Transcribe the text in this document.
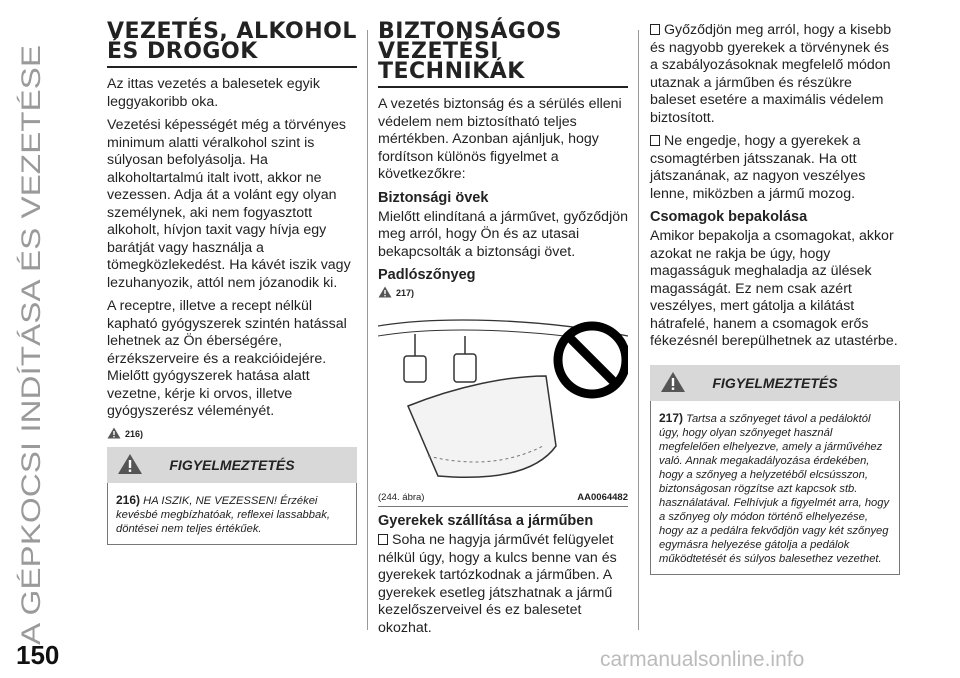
A GÉPKOCSI INDÍTÁSA ÉS VEZETÉSE
150	carmanualsonline.info
VEZETÉS, ALKOHOL
ÉS DROGOK

Az ittas vezetés a balesetek egyik leggyakoribb oka.

Vezetési képességét még a törvényes minimum alatti véralkohol szint is súlyosan befolyásolja. Ha alkoholtartalmú italt ivott, akkor ne vezessen. Adja át a volánt egy olyan személynek, aki nem fogyasztott alkoholt, hívjon taxit vagy hívja egy barátját vagy használja a tömegközlekedést. Ha kávét iszik vagy lezuhanyozik, attól nem józanodik ki.

A receptre, illetve a recept nélkül kapható gyógyszerek szintén hatással lehetnek az Ön éberségére, érzékszerveire és a reakcióidejére. Mielőtt gyógyszerek hatása alatt vezetne, kérje ki orvos, illetve gyógyszerész véleményét.

216)
FIGYELMEZTETÉS

216) HA ISZIK, NE VEZESSEN! Érzékei kevésbé megbízhatóak, reflexei lassabbak, döntései nem teljes értékűek.

BIZTONSÁGOS
VEZETÉSI
TECHNIKÁK

A vezetés biztonság és a sérülés elleni védelem nem biztosítható teljes mértékben. Azonban ajánljuk, hogy fordítson különös figyelmet a következőkre:

Biztonsági övek

Mielőtt elindítaná a járművet, győződjön meg arról, hogy Ön és az utasai bekapcsolták a biztonsági övet.

Padlószőnyeg
217)
(244. ábra)	AA0064482
Gyerekek szállítása a járműben

Soha ne hagyja járművét felügyelet nélkül úgy, hogy a kulcs benne van és gyerekek tartózkodnak a járműben. A gyerekek esetleg játszhatnak a jármű kezelőszerveivel és ez balesetet okozhat.

Győződjön meg arról, hogy a kisebb és nagyobb gyerekek a törvénynek és a szabályozásoknak megfelelő módon utaznak a járműben és részükre baleset esetére a maximális védelem biztosított.

Ne engedje, hogy a gyerekek a csomagtérben játsszanak. Ha ott játszanának, az nagyon veszélyes lenne, miközben a jármű mozog.

Csomagok bepakolása

Amikor bepakolja a csomagokat, akkor azokat ne rakja be úgy, hogy magasságuk meghaladja az ülések magasságát. Ez nem csak azért veszélyes, mert gátolja a kilátást hátrafelé, hanem a csomagok erős fékezésnél berepülhetnek az utastérbe.

FIGYELMEZTETÉS

217) Tartsa a szőnyeget távol a pedáloktól úgy, hogy olyan szőnyeget használ megfelelően elhelyezve, amely a járművéhez való. Annak megakadályozása érdekében, hogy a szőnyeg a helyzetéből elcsússzon, biztonságosan rögzítse azt kapcsok stb. használatával. Felhívjuk a figyelmét arra, hogy a szőnyeg oly módon történő elhelyezése, hogy az a pedálra fekvődjön vagy két szőnyeg egymásra helyezése gátolja a pedálok működtetését és súlyos balesethez vezethet.
